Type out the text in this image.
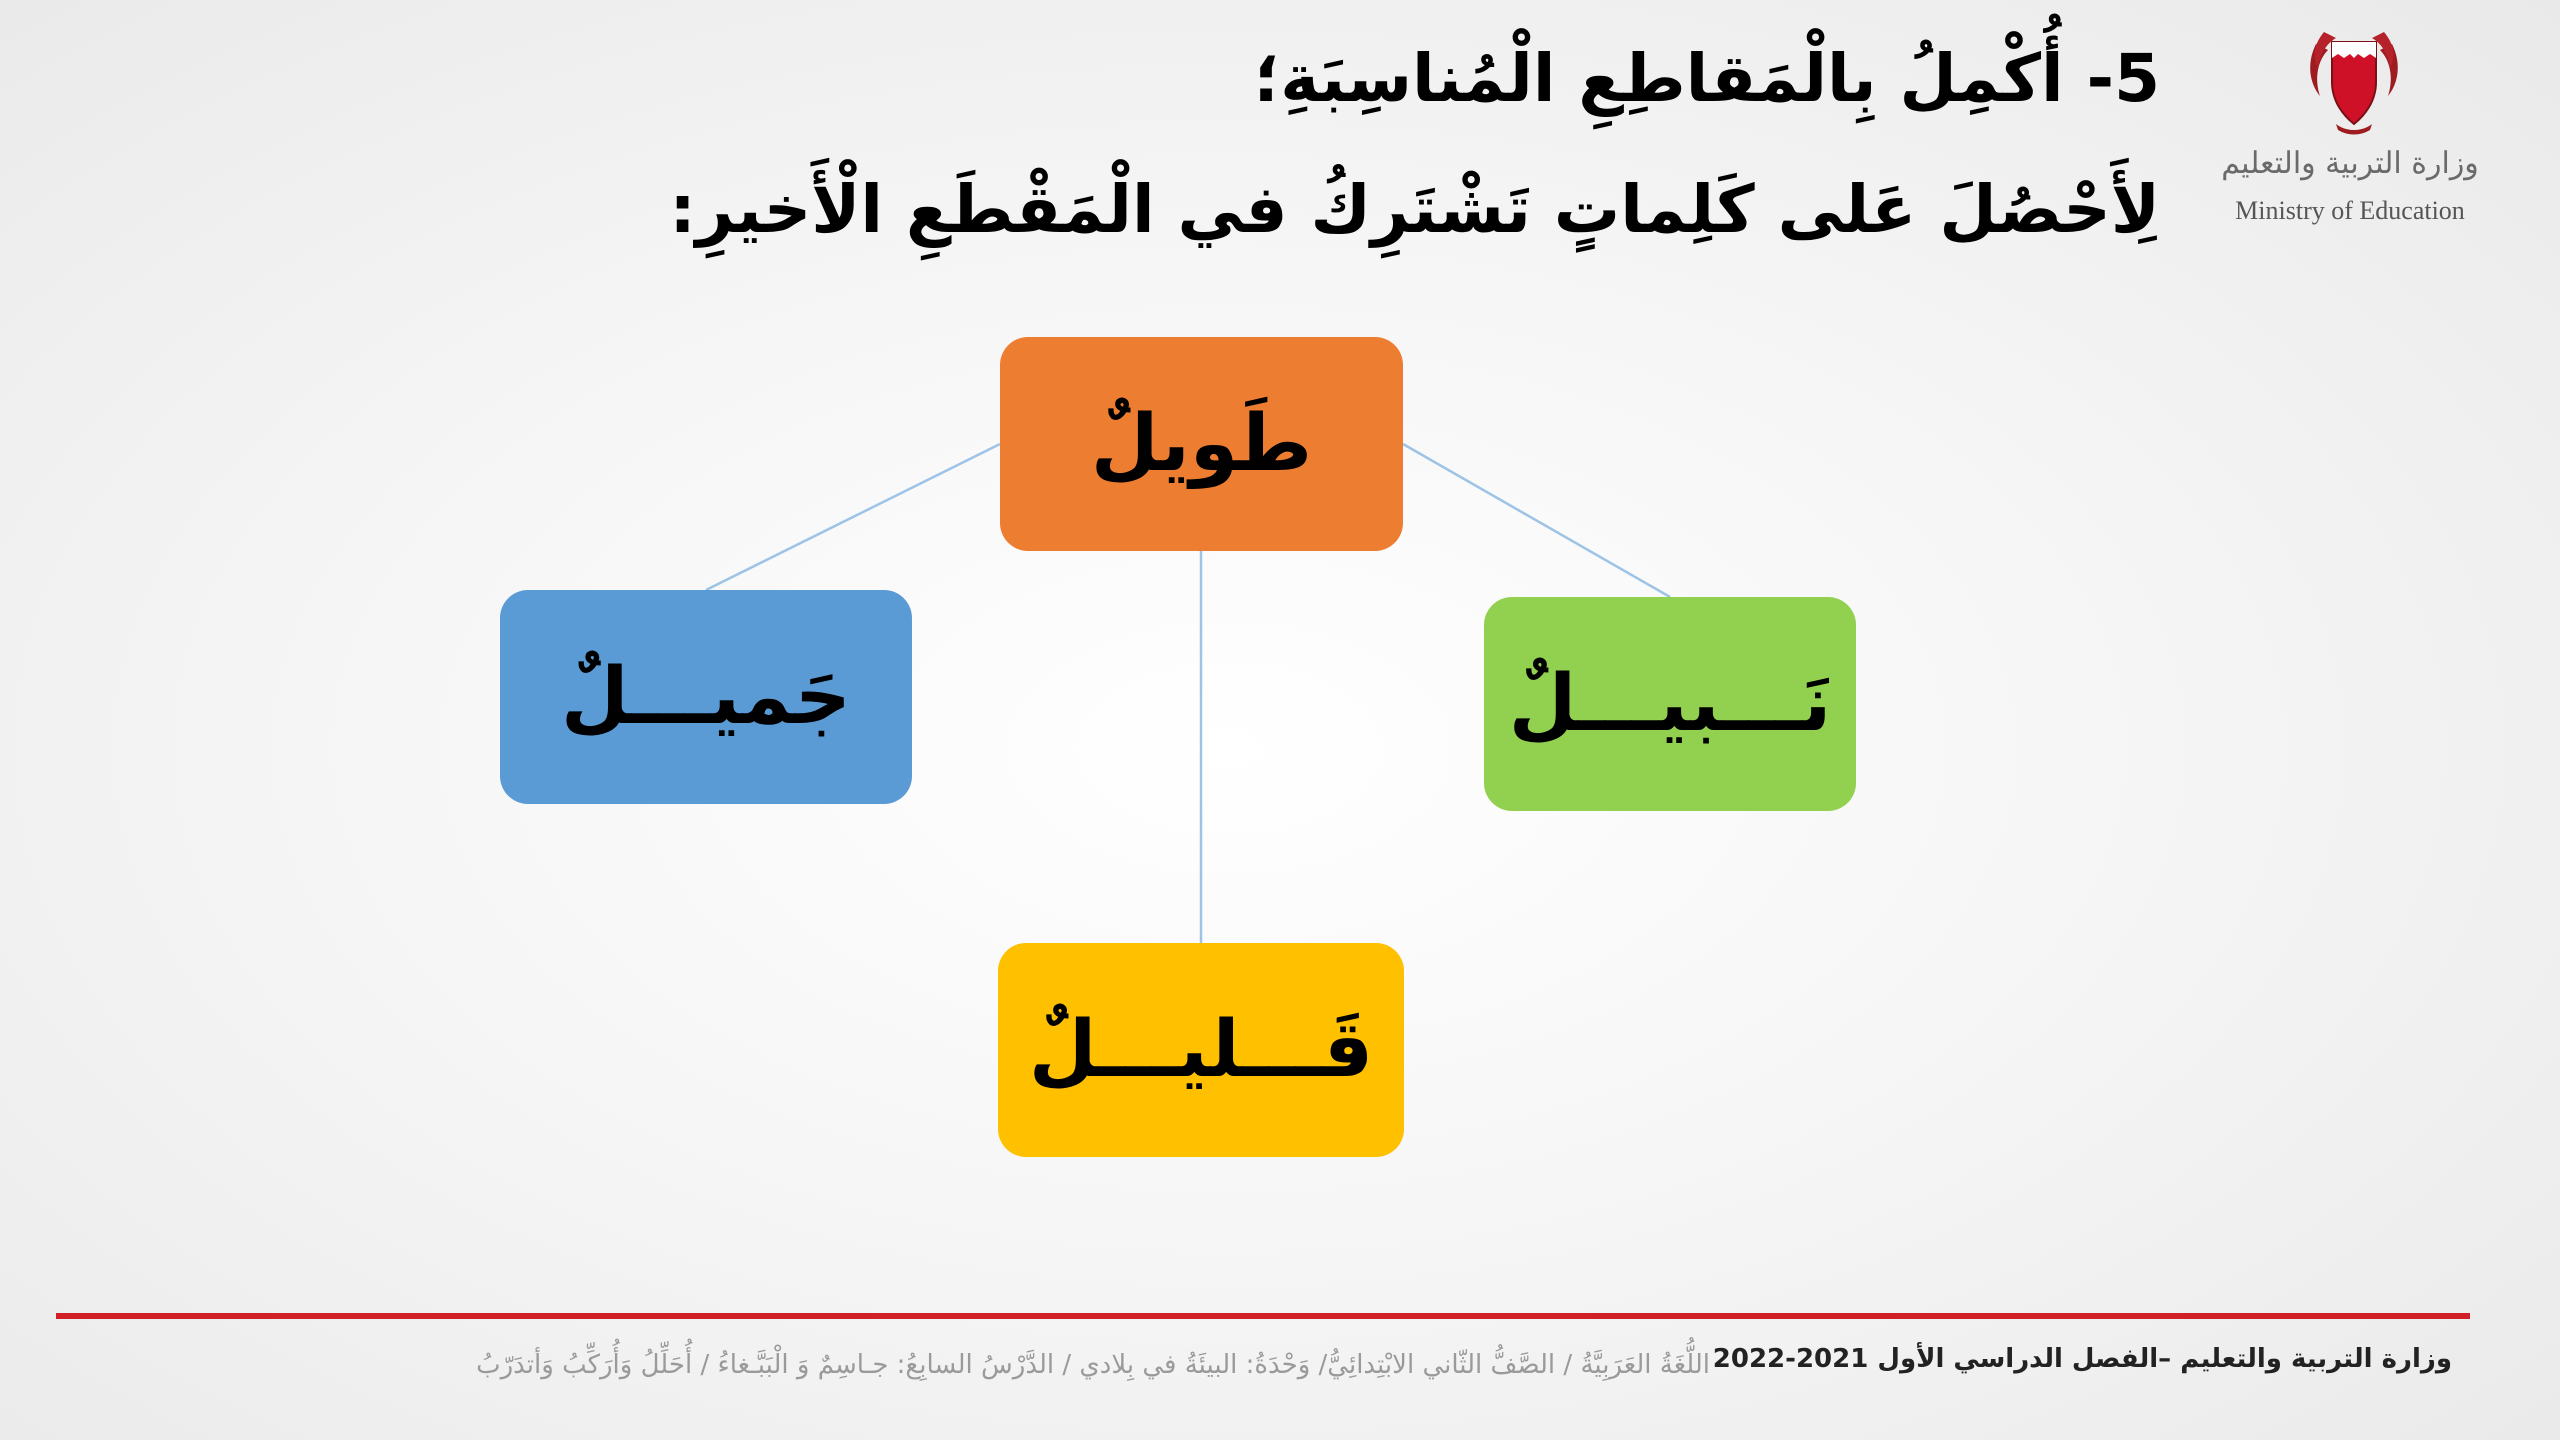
5- أُكْمِلُ بِالْمَقاطِعِ الْمُناسِبَةِ؛
لِأَحْصُلَ عَلى كَلِماتٍ تَشْتَرِكُ في الْمَقْطَعِ الْأَخيرِ:
وزارة التربية والتعليم
Ministry of Education
طَويلٌ
جَميـــلٌ	نَـــبيـــلٌ
قَـــليـــلٌ
وزارة التربية والتعليم –الفصل الدراسي الأول 2021-2022
اللُّغَةُ العَرَبِيَّةُ / الصَّفُّ الثّاني الابْتِدائِيُّ/ وَحْدَةُ: البيئَةُ في بِلادي / الدَّرْسُ السابِعُ: جـاسِمٌ وَ الْبَبَّـغاءُ / أُحَلِّلُ وَأُرَكِّبُ وَأتدَرّبُ
